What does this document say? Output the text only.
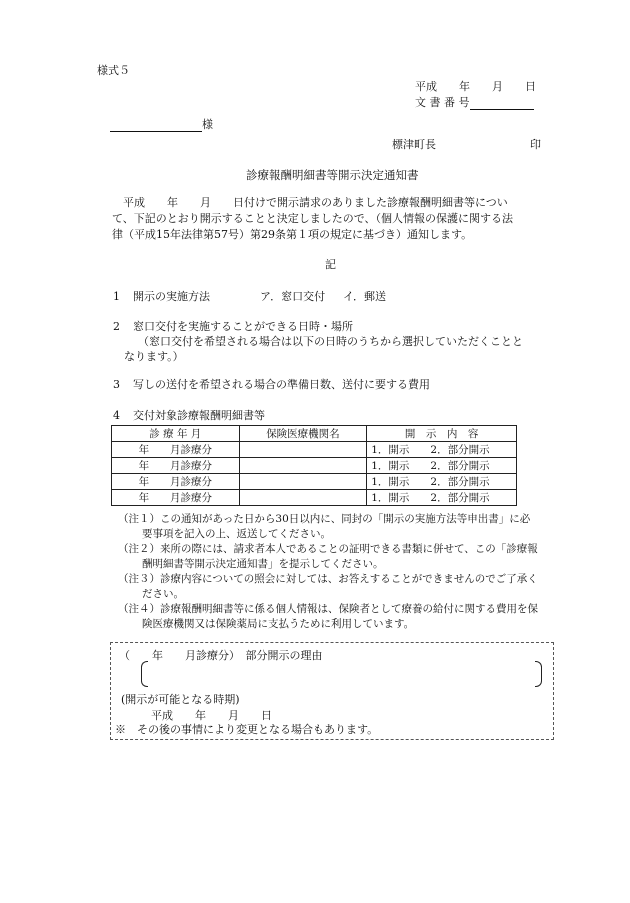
様式５
平成　　年　　月　　日
文 書 番 号
様
標津町長	印
診療報酬明細書等開示決定通知書
　平成　　年　　月　　日付けで開示請求のありました診療報酬明細書等について、下記のとおり開示することと決定しましたので、（個人情報の保護に関する法律（平成15年法律第57号）第29条第１項の規定に基づき）通知します。
記
1 開示の実施方法	ア．窓口交付 イ．郵送
2 窓口交付を実施することができる日時・場所
（窓口交付を希望される場合は以下の日時のうちから選択していただくこととなります。）
3 写しの送付を希望される場合の準備日数、送付に要する費用
4 交付対象診療報酬明細書等
診 療 年 月	保険医療機関名	開　示　内　容
年　　月診療分		1．開示　　2．部分開示
年　　月診療分		1．開示　　2．部分開示
年　　月診療分		1．開示　　2．部分開示
年　　月診療分		1．開示　　2．部分開示
（注１）この通知があった日から30日以内に、同封の「開示の実施方法等申出書」に必要事項を記入の上、返送してください。
（注２）来所の際には、請求者本人であることの証明できる書類に併せて、この「診療報酬明細書等開示決定通知書」を提示してください。
（注３）診療内容についての照会に対しては、お答えすることができませんのでご了承ください。
（注４）診療報酬明細書等に係る個人情報は、保険者として療養の給付に関する費用を保険医療機関又は保険薬局に支払うために利用しています。
（　　年　　月診療分）　部分開示の理由
(開示が可能となる時期)
平成　　年　　月　　日
※　その後の事情により変更となる場合もあります。
